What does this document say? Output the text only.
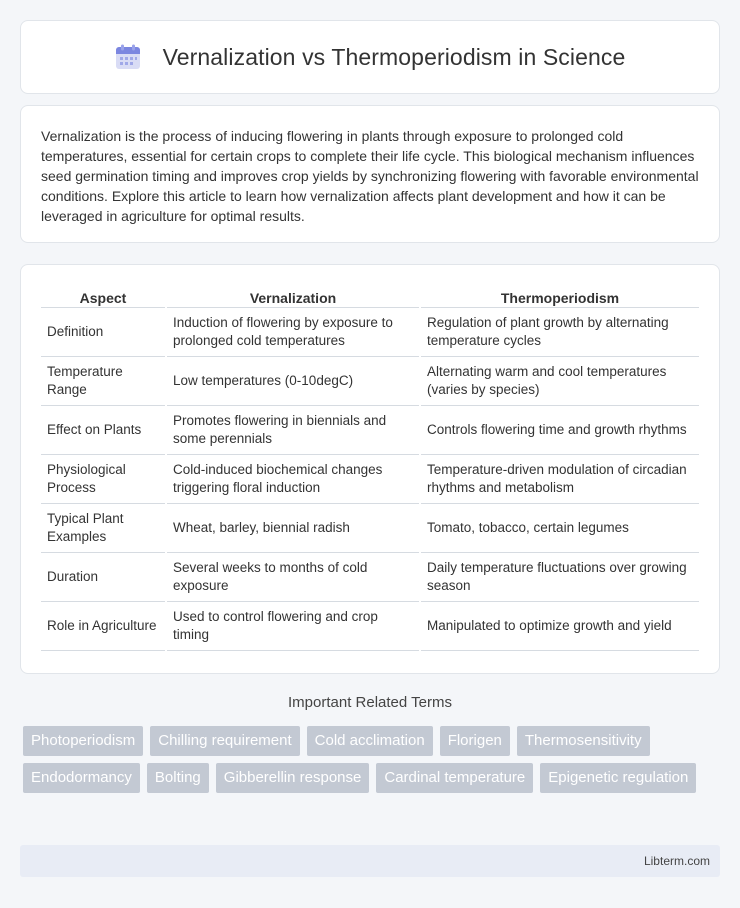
Vernalization vs Thermoperiodism in Science

Vernalization is the process of inducing flowering in plants through exposure to prolonged cold temperatures, essential for certain crops to complete their life cycle. This biological mechanism influences seed germination timing and improves crop yields by synchronizing flowering with favorable environmental conditions. Explore this article to learn how vernalization affects plant development and how it can be leveraged in agriculture for optimal results.

Aspect	Vernalization	Thermoperiodism
Definition	Induction of flowering by exposure to prolonged cold temperatures	Regulation of plant growth by alternating temperature cycles
Temperature Range	Low temperatures (0-10degC)	Alternating warm and cool temperatures (varies by species)
Effect on Plants	Promotes flowering in biennials and some perennials	Controls flowering time and growth rhythms
Physiological Process	Cold-induced biochemical changes triggering floral induction	Temperature-driven modulation of circadian rhythms and metabolism
Typical Plant Examples	Wheat, barley, biennial radish	Tomato, tobacco, certain legumes
Duration	Several weeks to months of cold exposure	Daily temperature fluctuations over growing season
Role in Agriculture	Used to control flowering and crop timing	Manipulated to optimize growth and yield
Important Related Terms
Photoperiodism	Chilling requirement	Cold acclimation	Florigen	Thermosensitivity
Endodormancy	Bolting	Gibberellin response	Cardinal temperature	Epigenetic regulation
Libterm.com
